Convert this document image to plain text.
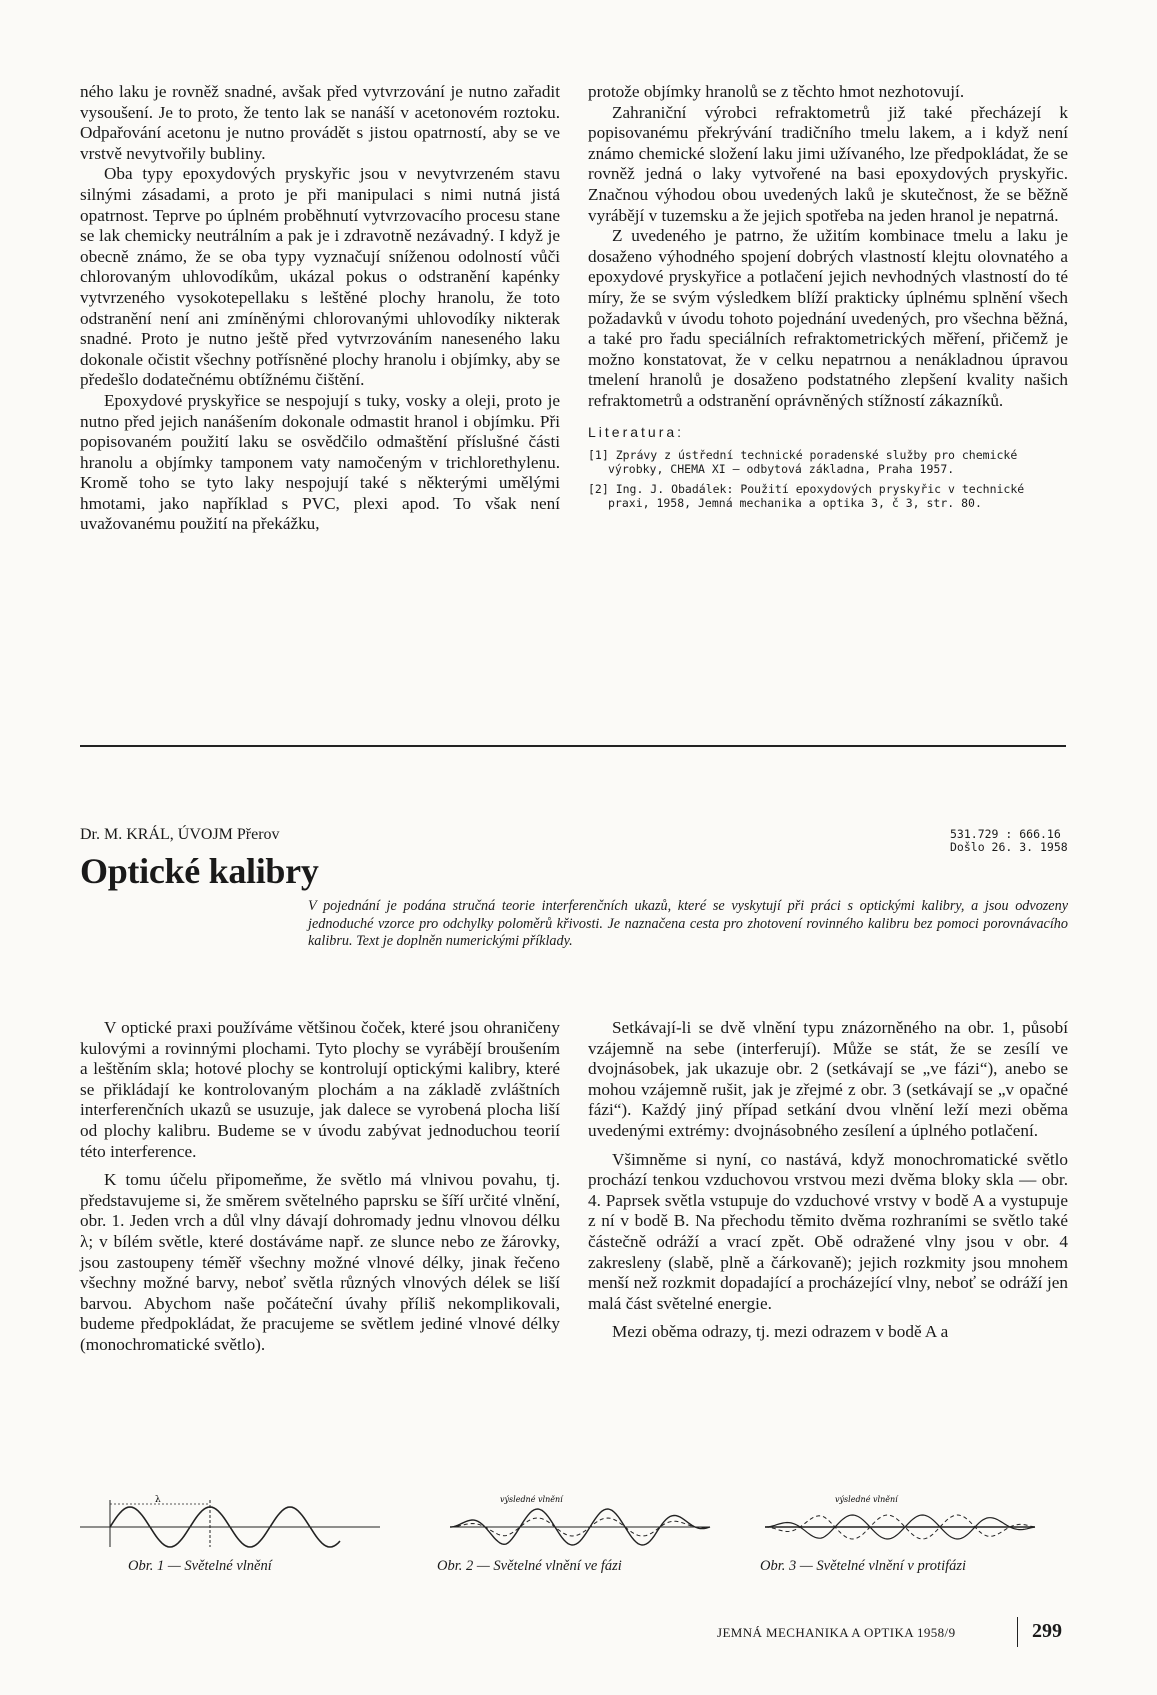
ného laku je rovněž snadné, avšak před vytvrzování je nutno zařadit vysoušení. Je to proto, že tento lak se nanáší v acetonovém roztoku. Odpařování acetonu je nutno provádět s jistou opatrností, aby se ve vrstvě nevytvořily bubliny.

Oba typy epoxydových pryskyřic jsou v nevytvrzeném stavu silnými zásadami, a proto je při manipulaci s nimi nutná jistá opatrnost. Teprve po úplném proběhnutí vytvrzovacího procesu stane se lak chemicky neutrálním a pak je i zdravotně nezávadný. I když je obecně známo, že se oba typy vyznačují sníženou odolností vůči chlorovaným uhlovodíkům, ukázal pokus o odstranění kapénky vytvrzeného vysokotepellaku s leštěné plochy hranolu, že toto odstranění není ani zmíněnými chlorovanými uhlovodíky nikterak snadné. Proto je nutno ještě před vytvrzováním naneseného laku dokonale očistit všechny potřísněné plochy hranolu i objímky, aby se předešlo dodatečnému obtížnému čištění.

Epoxydové pryskyřice se nespojují s tuky, vosky a oleji, proto je nutno před jejich nanášením dokonale odmastit hranol i objímku. Při popisovaném použití laku se osvědčilo odmaštění příslušné části hranolu a objímky tamponem vaty namočeným v trichlorethylenu. Kromě toho se tyto laky nespojují také s některými umělými hmotami, jako například s PVC, plexi apod. To však není uvažovanému použití na překážku,

protože objímky hranolů se z těchto hmot nezhotovují.

Zahraniční výrobci refraktometrů již také přecházejí k popisovanému překrývání tradičního tmelu lakem, a i když není známo chemické složení laku jimi užívaného, lze předpokládat, že se rovněž jedná o laky vytvořené na basi epoxydových pryskyřic. Značnou výhodou obou uvedených laků je skutečnost, že se běžně vyrábějí v tuzemsku a že jejich spotřeba na jeden hranol je nepatrná.

Z uvedeného je patrno, že užitím kombinace tmelu a laku je dosaženo výhodného spojení dobrých vlastností klejtu olovnatého a epoxydové pryskyřice a potlačení jejich nevhodných vlastností do té míry, že se svým výsledkem blíží prakticky úplnému splnění všech požadavků v úvodu tohoto pojednání uvedených, pro všechna běžná, a také pro řadu speciálních refraktometrických měření, přičemž je možno konstatovat, že v celku nepatrnou a nenákladnou úpravou tmelení hranolů je dosaženo podstatného zlepšení kvality našich refraktometrů a odstranění oprávněných stížností zákazníků.

Literatura:
[1] Zprávy z ústřední technické poradenské služby pro chemické výrobky, CHEMA XI — odbytová základna, Praha 1957.
[2] Ing. J. Obadálek: Použití epoxydových pryskyřic v technické praxi, 1958, Jemná mechanika a optika 3, č 3, str. 80.
Dr. M. KRÁL, ÚVOJM Přerov
Optické kalibry
531.729 : 666.16
Došlo 26. 3. 1958
V pojednání je podána stručná teorie interferenčních ukazů, které se vyskytují při práci s optickými kalibry, a jsou odvozeny jednoduché vzorce pro odchylky poloměrů křivosti. Je naznačena cesta pro zhotovení rovinného kalibru bez pomoci porovnávacího kalibru. Text je doplněn numerickými příklady.

V optické praxi používáme většinou čoček, které jsou ohraničeny kulovými a rovinnými plochami. Tyto plochy se vyrábějí broušením a leštěním skla; hotové plochy se kontrolují optickými kalibry, které se přikládají ke kontrolovaným plochám a na základě zvláštních interferenčních ukazů se usuzuje, jak dalece se vyrobená plocha liší od plochy kalibru. Budeme se v úvodu zabývat jednoduchou teorií této interference.

K tomu účelu připomeňme, že světlo má vlnivou povahu, tj. představujeme si, že směrem světelného paprsku se šíří určité vlnění, obr. 1. Jeden vrch a důl vlny dávají dohromady jednu vlnovou délku λ; v bílém světle, které dostáváme např. ze slunce nebo ze žárovky, jsou zastoupeny téměř všechny možné vlnové délky, jinak řečeno všechny možné barvy, neboť světla různých vlnových délek se liší barvou. Abychom naše počáteční úvahy příliš nekomplikovali, budeme předpokládat, že pracujeme se světlem jediné vlnové délky (monochromatické světlo).

Setkávají-li se dvě vlnění typu znázorněného na obr. 1, působí vzájemně na sebe (interferují). Může se stát, že se zesílí ve dvojnásobek, jak ukazuje obr. 2 (setkávají se „ve fázi“), anebo se mohou vzájemně rušit, jak je zřejmé z obr. 3 (setkávají se „v opačné fázi“). Každý jiný případ setkání dvou vlnění leží mezi oběma uvedenými extrémy: dvojnásobného zesílení a úplného potlačení.

Všimněme si nyní, co nastává, když monochromatické světlo prochází tenkou vzduchovou vrstvou mezi dvěma bloky skla — obr. 4. Paprsek světla vstupuje do vzduchové vrstvy v bodě A a vystupuje z ní v bodě B. Na přechodu těmito dvěma rozhraními se světlo také částečně odráží a vrací zpět. Obě odražené vlny jsou v obr. 4 zakresleny (slabě, plně a čárkovaně); jejich rozkmity jsou mnohem menší než rozkmit dopadající a procházející vlny, neboť se odráží jen malá část světelné energie.

Mezi oběma odrazy, tj. mezi odrazem v bodě A a

λ	výsledné vlnění	výsledné vlnění
Obr. 1 — Světelné vlnění	Obr. 2 — Světelné vlnění ve fázi	Obr. 3 — Světelné vlnění v protifázi
JEMNÁ MECHANIKA A OPTIKA 1958/9	299
